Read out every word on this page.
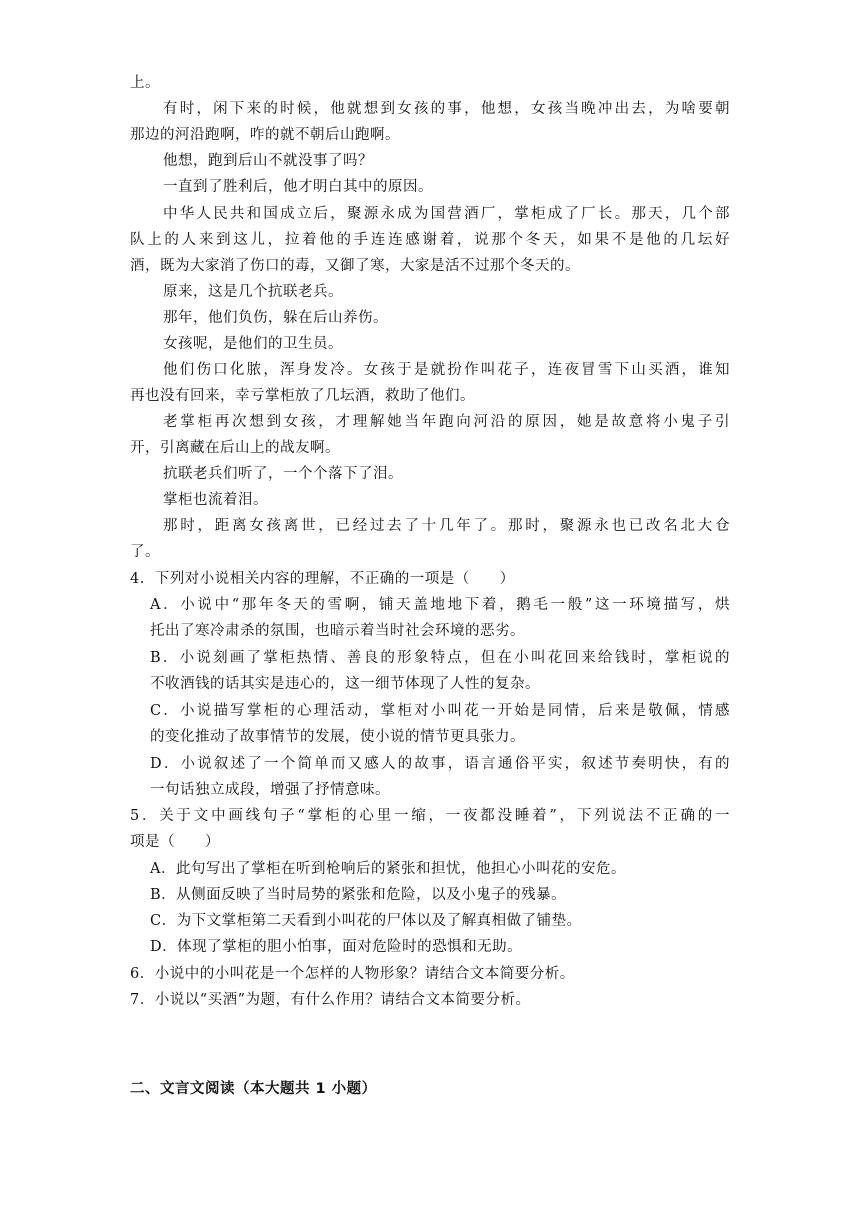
上。
有时，闲下来的时候，他就想到女孩的事，他想，女孩当晚冲出去，为啥要朝
那边的河沿跑啊，咋的就不朝后山跑啊。
他想，跑到后山不就没事了吗？
一直到了胜利后，他才明白其中的原因。
中华人民共和国成立后，聚源永成为国营酒厂，掌柜成了厂长。那天，几个部
队上的人来到这儿，拉着他的手连连感谢着，说那个冬天，如果不是他的几坛好
酒，既为大家消了伤口的毒，又御了寒，大家是活不过那个冬天的。
原来，这是几个抗联老兵。
那年，他们负伤，躲在后山养伤。
女孩呢，是他们的卫生员。
他们伤口化脓，浑身发冷。女孩于是就扮作叫花子，连夜冒雪下山买酒，谁知
再也没有回来，幸亏掌柜放了几坛酒，救助了他们。
老掌柜再次想到女孩，才理解她当年跑向河沿的原因，她是故意将小鬼子引
开，引离藏在后山上的战友啊。
抗联老兵们听了，一个个落下了泪。
掌柜也流着泪。
那时，距离女孩离世，已经过去了十几年了。那时，聚源永也已改名北大仓
了。
4．下列对小说相关内容的理解，不正确的一项是（　　）
A．小说中“那年冬天的雪啊，铺天盖地地下着，鹅毛一般”这一环境描写，烘
托出了寒冷肃杀的氛围，也暗示着当时社会环境的恶劣。
B．小说刻画了掌柜热情、善良的形象特点，但在小叫花回来给钱时，掌柜说的
不收酒钱的话其实是违心的，这一细节体现了人性的复杂。
C．小说描写掌柜的心理活动，掌柜对小叫花一开始是同情，后来是敬佩，情感
的变化推动了故事情节的发展，使小说的情节更具张力。
D．小说叙述了一个简单而又感人的故事，语言通俗平实，叙述节奏明快，有的
一句话独立成段，增强了抒情意味。
5．关于文中画线句子“掌柜的心里一缩，一夜都没睡着”，下列说法不正确的一
项是（　　）
A．此句写出了掌柜在听到枪响后的紧张和担忧，他担心小叫花的安危。
B．从侧面反映了当时局势的紧张和危险，以及小鬼子的残暴。
C．为下文掌柜第二天看到小叫花的尸体以及了解真相做了铺垫。
D．体现了掌柜的胆小怕事，面对危险时的恐惧和无助。
6．小说中的小叫花是一个怎样的人物形象？请结合文本简要分析。
7．小说以“买酒”为题，有什么作用？请结合文本简要分析。
二、文言文阅读（本大题共 1 小题）
